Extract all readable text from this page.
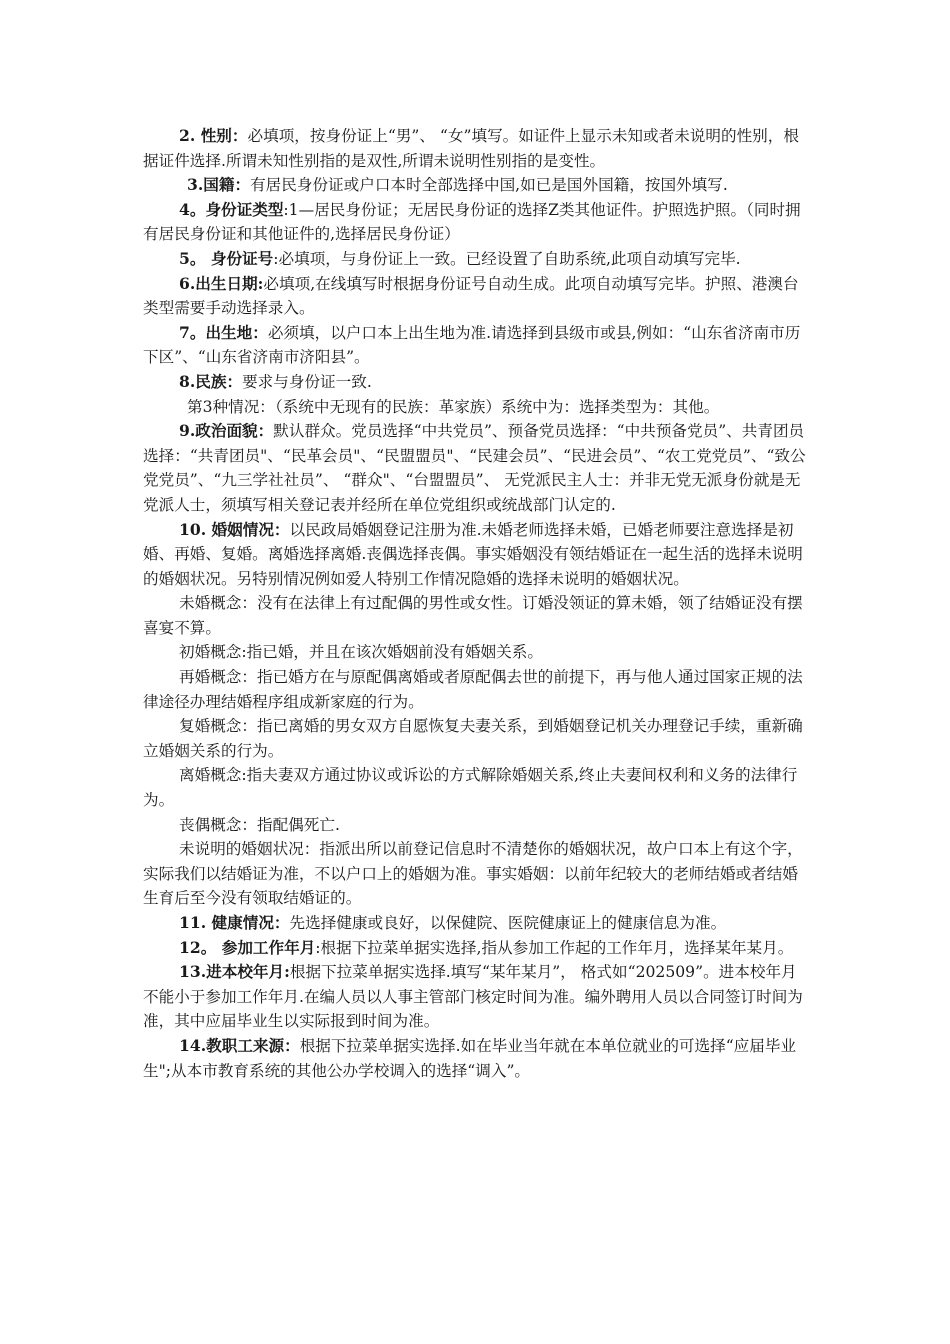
2. 性别：必填项，按身份证上“男”、 “女”填写。如证件上显示未知或者未说明的性别，根据证件选择.所谓未知性别指的是双性,所谓未说明性别指的是变性。

3.国籍：有居民身份证或户口本时全部选择中国,如已是国外国籍，按国外填写.

4。身份证类型:1—居民身份证；无居民身份证的选择Z类其他证件。护照选护照。（同时拥有居民身份证和其他证件的,选择居民身份证）

5。 身份证号:必填项，与身份证上一致。已经设置了自助系统,此项自动填写完毕.

6.出生日期:必填项,在线填写时根据身份证号自动生成。此项自动填写完毕。护照、港澳台类型需要手动选择录入。

7。出生地：必须填，以户口本上出生地为准.请选择到县级市或县,例如：“山东省济南市历下区”、“山东省济南市济阳县”。

8.民族：要求与身份证一致.

第3种情况：（系统中无现有的民族：革家族）系统中为：选择类型为：其他。

9.政治面貌：默认群众。党员选择“中共党员”、预备党员选择：“中共预备党员”、共青团员选择：“共青团员"、“民革会员"、“民盟盟员"、“民建会员”、“民进会员”、“农工党党员”、“致公党党员”、“九三学社社员”、 “群众"、“台盟盟员”、 无党派民主人士：并非无党无派身份就是无党派人士，须填写相关登记表并经所在单位党组织或统战部门认定的.

10. 婚姻情况：以民政局婚姻登记注册为准.未婚老师选择未婚，已婚老师要注意选择是初婚、再婚、复婚。离婚选择离婚.丧偶选择丧偶。事实婚姻没有领结婚证在一起生活的选择未说明的婚姻状况。另特别情况例如爱人特别工作情况隐婚的选择未说明的婚姻状况。

未婚概念：没有在法律上有过配偶的男性或女性。订婚没领证的算未婚，领了结婚证没有摆喜宴不算。

初婚概念:指已婚，并且在该次婚姻前没有婚姻关系。

再婚概念：指已婚方在与原配偶离婚或者原配偶去世的前提下，再与他人通过国家正规的法律途径办理结婚程序组成新家庭的行为。

复婚概念：指已离婚的男女双方自愿恢复夫妻关系，到婚姻登记机关办理登记手续，重新确立婚姻关系的行为。

离婚概念:指夫妻双方通过协议或诉讼的方式解除婚姻关系,终止夫妻间权利和义务的法律行为。

丧偶概念：指配偶死亡.

未说明的婚姻状况：指派出所以前登记信息时不清楚你的婚姻状况，故户口本上有这个字，实际我们以结婚证为准，不以户口上的婚姻为准。事实婚姻：以前年纪较大的老师结婚或者结婚生育后至今没有领取结婚证的。

11. 健康情况：先选择健康或良好，以保健院、医院健康证上的健康信息为准。

12。 参加工作年月:根据下拉菜单据实选择,指从参加工作起的工作年月，选择某年某月。

13.进本校年月:根据下拉菜单据实选择.填写“某年某月”， 格式如“202509”。进本校年月不能小于参加工作年月.在编人员以人事主管部门核定时间为准。编外聘用人员以合同签订时间为准，其中应届毕业生以实际报到时间为准。

14.教职工来源：根据下拉菜单据实选择.如在毕业当年就在本单位就业的可选择“应届毕业生";从本市教育系统的其他公办学校调入的选择“调入”。
